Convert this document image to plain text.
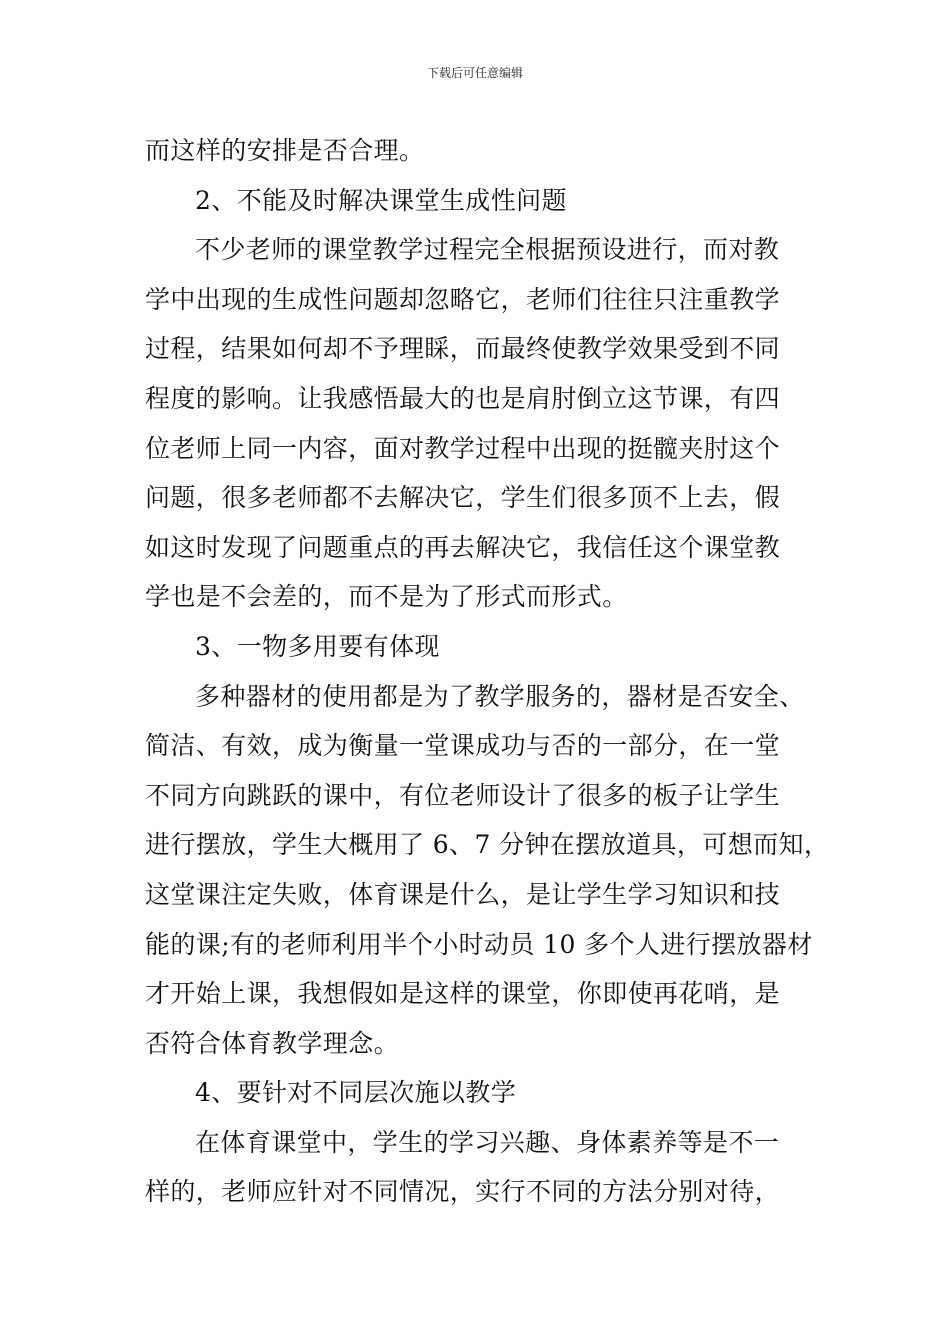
下载后可任意编辑
而这样的安排是否合理。
2、不能及时解决课堂生成性问题
不少老师的课堂教学过程完全根据预设进行，而对教
学中出现的生成性问题却忽略它，老师们往往只注重教学
过程，结果如何却不予理睬，而最终使教学效果受到不同
程度的影响。让我感悟最大的也是肩肘倒立这节课，有四
位老师上同一内容，面对教学过程中出现的挺髋夹肘这个
问题，很多老师都不去解决它，学生们很多顶不上去，假
如这时发现了问题重点的再去解决它，我信任这个课堂教
学也是不会差的，而不是为了形式而形式。
3、一物多用要有体现
多种器材的使用都是为了教学服务的，器材是否安全、
简洁、有效，成为衡量一堂课成功与否的一部分，在一堂
不同方向跳跃的课中，有位老师设计了很多的板子让学生
进行摆放，学生大概用了 6、7 分钟在摆放道具，可想而知，
这堂课注定失败，体育课是什么，是让学生学习知识和技
能的课;有的老师利用半个小时动员 10 多个人进行摆放器材
才开始上课，我想假如是这样的课堂，你即使再花哨，是
否符合体育教学理念。
4、要针对不同层次施以教学
在体育课堂中，学生的学习兴趣、身体素养等是不一
样的，老师应针对不同情况，实行不同的方法分别对待，
